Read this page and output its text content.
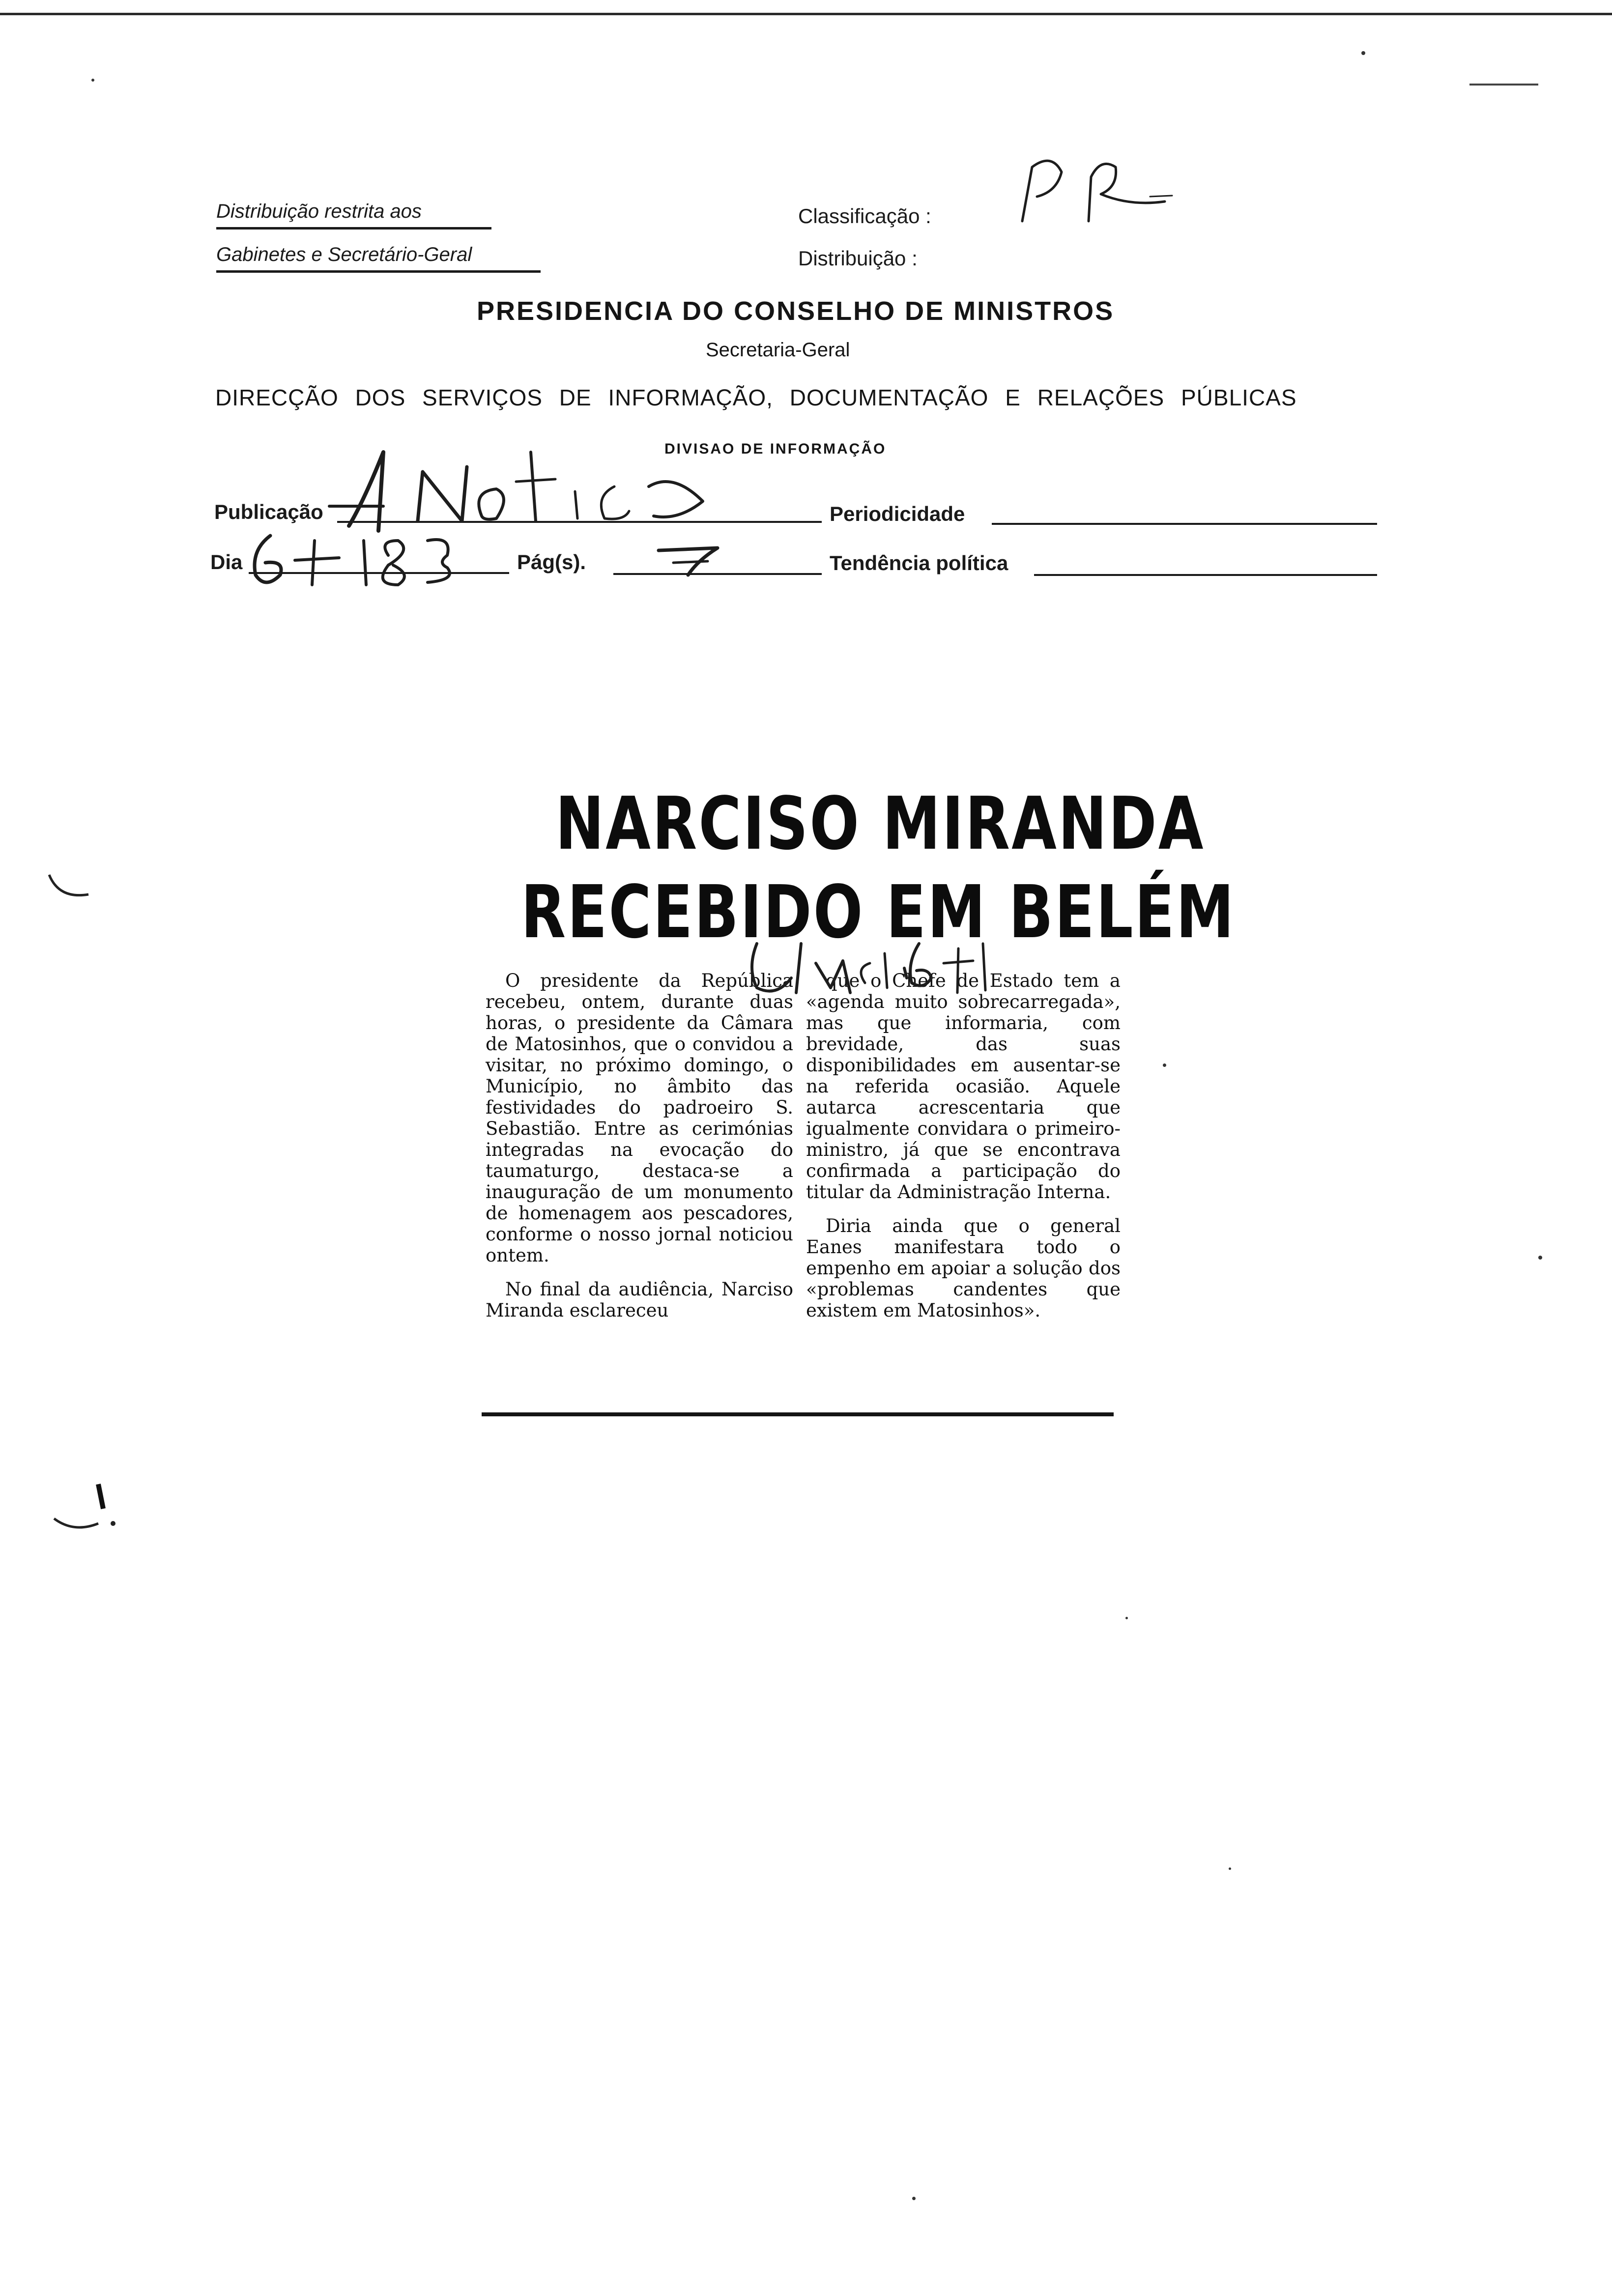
Distribuição restrita aos
Gabinetes e Secretário-Geral
Classificação :
Distribuição :
PRESIDENCIA DO CONSELHO DE MINISTROS
Secretaria-Geral
DIRECÇÃO DOS SERVIÇOS DE INFORMAÇÃO, DOCUMENTAÇÃO E RELAÇÕES PÚBLICAS
DIVISAO DE INFORMAÇÃO
Publicação	Periodicidade
Dia	Pág(s).	Tendência política
NARCISO MIRANDA
RECEBIDO EM BELÉM

O presidente da República recebeu, ontem, durante duas horas, o presidente da Câmara de Matosinhos, que o convidou a visitar, no próximo domingo, o Município, no âmbito das festividades do padroeiro S. Sebastião. Entre as cerimónias integradas na evocação do taumaturgo, destaca-se a inauguração de um monumento de homenagem aos pescadores, conforme o nosso jornal noticiou ontem.

No final da audiência, Narciso Miranda esclareceu

que o Chefe de Estado tem a «agenda muito sobrecarregada», mas que informaria, com brevidade, das suas disponibilidades em ausentar-se na referida ocasião. Aquele autarca acrescentaria que igualmente convidara o primeiro-ministro, já que se encontrava confirmada a participação do titular da Administração Interna.

Diria ainda que o general Eanes manifestara todo o empenho em apoiar a solução dos «problemas candentes que existem em Matosinhos».
